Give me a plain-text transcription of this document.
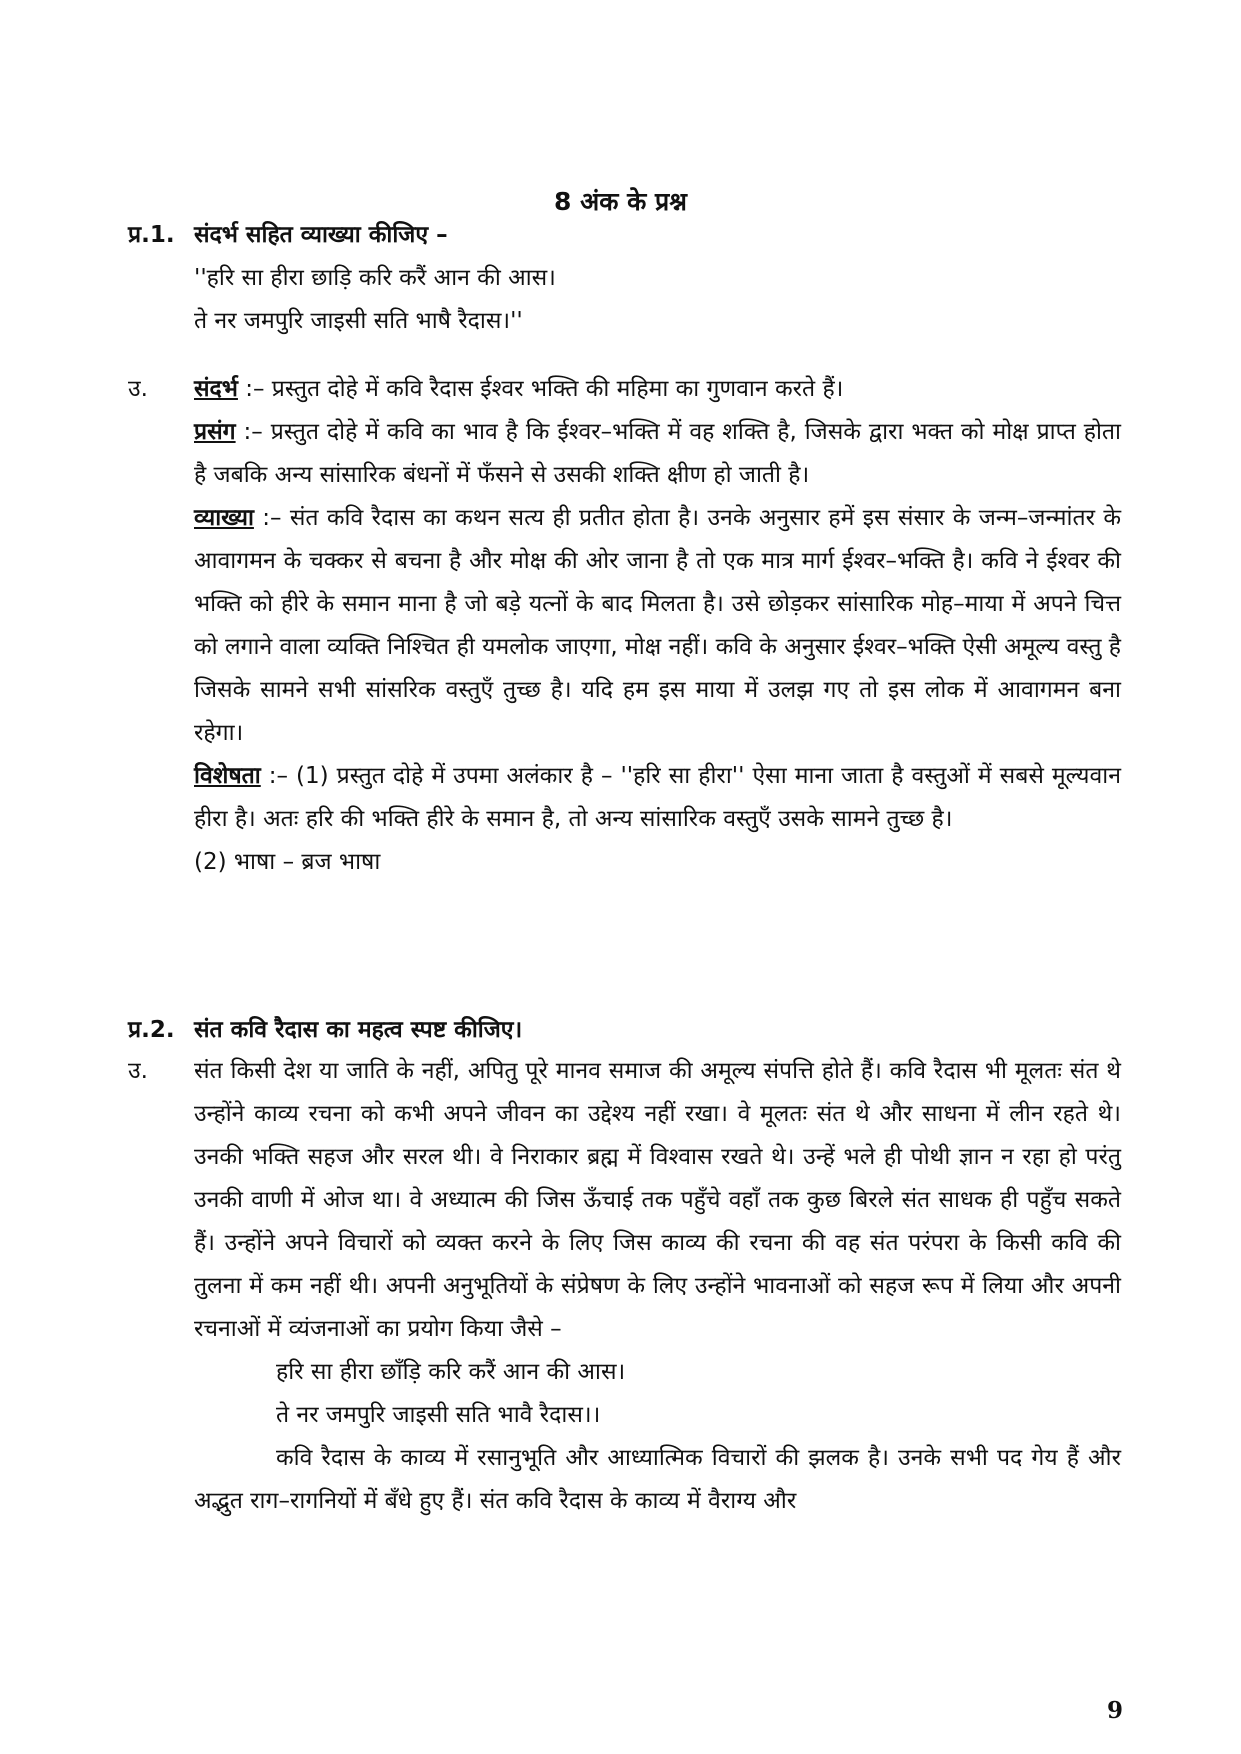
8 अंक के प्रश्न
प्र.1. संदर्भ सहित व्याख्या कीजिए –
''हरि सा हीरा छाड़ि करि करैं आन की आस।
ते नर जमपुरि जाइसी सति भाषै रैदास।''
उ. संदर्भ :– प्रस्तुत दोहे में कवि रैदास ईश्वर भक्ति की महिमा का गुणवान करते हैं।
प्रसंग :– प्रस्तुत दोहे में कवि का भाव है कि ईश्वर–भक्ति में वह शक्ति है, जिसके द्वारा भक्त को मोक्ष प्राप्त होता है जबकि अन्य सांसारिक बंधनों में फँसने से उसकी शक्ति क्षीण हो जाती है।
व्याख्या :– संत कवि रैदास का कथन सत्य ही प्रतीत होता है। उनके अनुसार हमें इस संसार के जन्म–जन्मांतर के आवागमन के चक्कर से बचना है और मोक्ष की ओर जाना है तो एक मात्र मार्ग ईश्वर–भक्ति है। कवि ने ईश्वर की भक्ति को हीरे के समान माना है जो बड़े यत्नों के बाद मिलता है। उसे छोड़कर सांसारिक मोह–माया में अपने चित्त को लगाने वाला व्यक्ति निश्चित ही यमलोक जाएगा, मोक्ष नहीं। कवि के अनुसार ईश्वर–भक्ति ऐसी अमूल्य वस्तु है जिसके सामने सभी सांसरिक वस्तुएँ तुच्छ है। यदि हम इस माया में उलझ गए तो इस लोक में आवागमन बना रहेगा।
विशेषता :– (1) प्रस्तुत दोहे में उपमा अलंकार है – ''हरि सा हीरा'' ऐसा माना जाता है वस्तुओं में सबसे मूल्यवान हीरा है। अतः हरि की भक्ति हीरे के समान है, तो अन्य सांसारिक वस्तुएँ उसके सामने तुच्छ है।
(2) भाषा – ब्रज भाषा
प्र.2. संत कवि रैदास का महत्व स्पष्ट कीजिए।
उ. संत किसी देश या जाति के नहीं, अपितु पूरे मानव समाज की अमूल्य संपत्ति होते हैं। कवि रैदास भी मूलतः संत थे उन्होंने काव्य रचना को कभी अपने जीवन का उद्देश्य नहीं रखा। वे मूलतः संत थे और साधना में लीन रहते थे। उनकी भक्ति सहज और सरल थी। वे निराकार ब्रह्म में विश्वास रखते थे। उन्हें भले ही पोथी ज्ञान न रहा हो परंतु उनकी वाणी में ओज था। वे अध्यात्म की जिस ऊँचाई तक पहुँचे वहाँ तक कुछ बिरले संत साधक ही पहुँच सकते हैं। उन्होंने अपने विचारों को व्यक्त करने के लिए जिस काव्य की रचना की वह संत परंपरा के किसी कवि की तुलना में कम नहीं थी। अपनी अनुभूतियों के संप्रेषण के लिए उन्होंने भावनाओं को सहज रूप में लिया और अपनी रचनाओं में व्यंजनाओं का प्रयोग किया जैसे –
हरि सा हीरा छाँड़ि करि करैं आन की आस।
ते नर जमपुरि जाइसी सति भावै रैदास।।
कवि रैदास के काव्य में रसानुभूति और आध्यात्मिक विचारों की झलक है। उनके सभी पद गेय हैं और अद्भुत राग–रागनियों में बँधे हुए हैं। संत कवि रैदास के काव्य में वैराग्य और
9
